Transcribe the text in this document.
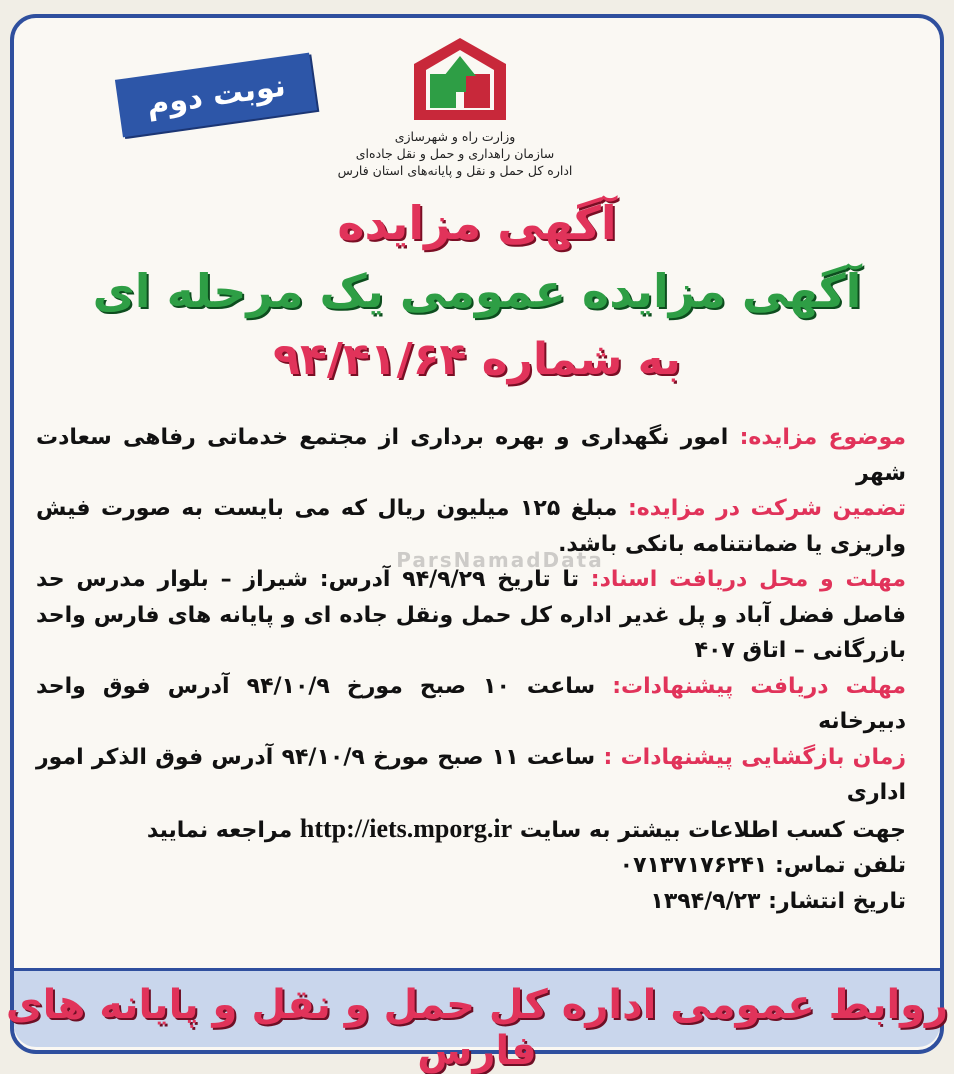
نوبت دوم
وزارت راه و شهرسازی
سازمان راهداری و حمل و نقل جاده‌ای
اداره کل حمل و نقل و پایانه‌های استان فارس
آگهی مزایده
آگهی مزایده عمومی یک مرحله ای
به شماره ۹۴/۴۱/۶۴
ParsNamadData

موضوع مزایده: امور نگهداری و بهره برداری از مجتمع خدماتی رفاهی سعادت شهر

تضمین شرکت در مزایده: مبلغ ۱۲۵ میلیون ریال که می بایست به صورت فیش واریزی یا ضمانتنامه بانکی باشد.

مهلت و محل دریافت اسناد: تا تاریخ ۹۴/۹/۲۹ آدرس: شیراز – بلوار مدرس حد فاصل فضل آباد و پل غدیر اداره کل حمل ونقل جاده ای و پایانه های فارس واحد بازرگانی – اتاق ۴۰۷

مهلت دریافت پیشنهادات: ساعت ۱۰ صبح مورخ ۹۴/۱۰/۹ آدرس فوق واحد دبیرخانه

زمان بازگشایی پیشنهادات : ساعت ۱۱ صبح مورخ ۹۴/۱۰/۹ آدرس فوق الذکر امور اداری

جهت کسب اطلاعات بیشتر به سایت http://iets.mporg.ir مراجعه نمایید

تلفن تماس: ۰۷۱۳۷۱۷۶۲۴۱

تاریخ انتشار: ۱۳۹۴/۹/۲۳

روابط عمومی اداره کل حمل و نقل و پایانه های فارس
